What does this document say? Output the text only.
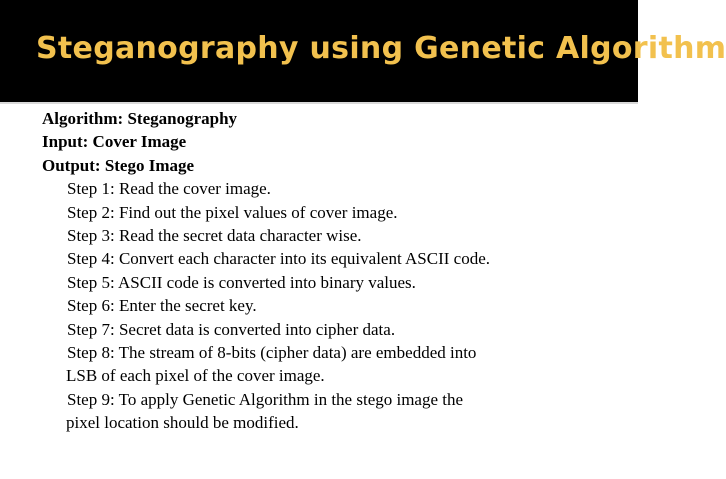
Steganography using Genetic Algorithm
Algorithm: Steganography
Input: Cover Image
Output: Stego Image
Step 1: Read the cover image.
Step 2: Find out the pixel values of cover image.
Step 3: Read the secret data character wise.
Step 4: Convert each character into its equivalent ASCII code.
Step 5: ASCII code is converted into binary values.
Step 6: Enter the secret key.
Step 7: Secret data is converted into cipher data.
Step 8: The stream of 8-bits (cipher data) are embedded into
LSB of each pixel of the cover image.
Step 9: To apply Genetic Algorithm in the stego image the
pixel location should be modified.
